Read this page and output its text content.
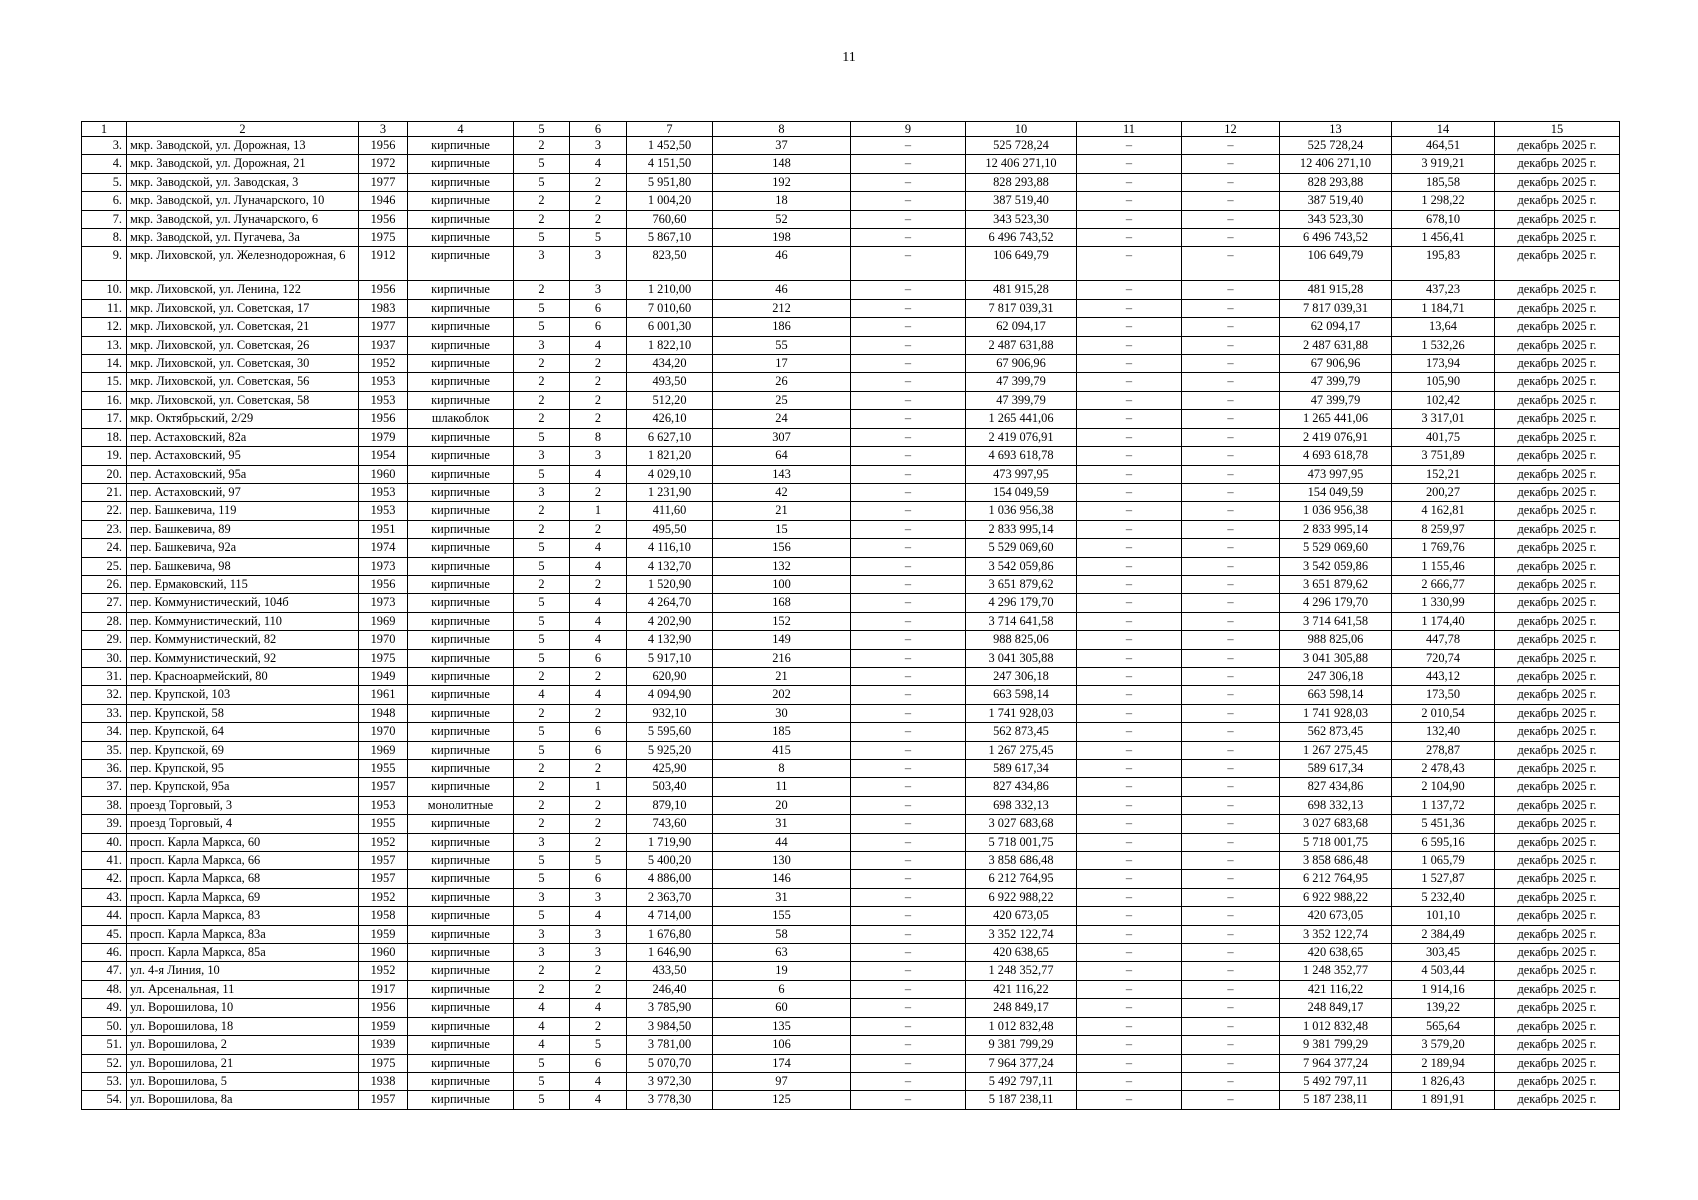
11
1	2	3	4	5	6	7	8	9	10	11	12	13	14	15
3.	мкр. Заводской, ул. Дорожная, 13	1956	кирпичные	2	3	1 452,50	37	–	525 728,24	–	–	525 728,24	464,51	декабрь 2025 г.
4.	мкр. Заводской, ул. Дорожная, 21	1972	кирпичные	5	4	4 151,50	148	–	12 406 271,10	–	–	12 406 271,10	3 919,21	декабрь 2025 г.
5.	мкр. Заводской, ул. Заводская, 3	1977	кирпичные	5	2	5 951,80	192	–	828 293,88	–	–	828 293,88	185,58	декабрь 2025 г.
6.	мкр. Заводской, ул. Луначарского, 10	1946	кирпичные	2	2	1 004,20	18	–	387 519,40	–	–	387 519,40	1 298,22	декабрь 2025 г.
7.	мкр. Заводской, ул. Луначарского, 6	1956	кирпичные	2	2	760,60	52	–	343 523,30	–	–	343 523,30	678,10	декабрь 2025 г.
8.	мкр. Заводской, ул. Пугачева, 3а	1975	кирпичные	5	5	5 867,10	198	–	6 496 743,52	–	–	6 496 743,52	1 456,41	декабрь 2025 г.
9.	мкр. Лиховской, ул. Железнодорожная, 6	1912	кирпичные	3	3	823,50	46	–	106 649,79	–	–	106 649,79	195,83	декабрь 2025 г.
10.	мкр. Лиховской, ул. Ленина, 122	1956	кирпичные	2	3	1 210,00	46	–	481 915,28	–	–	481 915,28	437,23	декабрь 2025 г.
11.	мкр. Лиховской, ул. Советская, 17	1983	кирпичные	5	6	7 010,60	212	–	7 817 039,31	–	–	7 817 039,31	1 184,71	декабрь 2025 г.
12.	мкр. Лиховской, ул. Советская, 21	1977	кирпичные	5	6	6 001,30	186	–	62 094,17	–	–	62 094,17	13,64	декабрь 2025 г.
13.	мкр. Лиховской, ул. Советская, 26	1937	кирпичные	3	4	1 822,10	55	–	2 487 631,88	–	–	2 487 631,88	1 532,26	декабрь 2025 г.
14.	мкр. Лиховской, ул. Советская, 30	1952	кирпичные	2	2	434,20	17	–	67 906,96	–	–	67 906,96	173,94	декабрь 2025 г.
15.	мкр. Лиховской, ул. Советская, 56	1953	кирпичные	2	2	493,50	26	–	47 399,79	–	–	47 399,79	105,90	декабрь 2025 г.
16.	мкр. Лиховской, ул. Советская, 58	1953	кирпичные	2	2	512,20	25	–	47 399,79	–	–	47 399,79	102,42	декабрь 2025 г.
17.	мкр. Октябрьский, 2/29	1956	шлакоблок	2	2	426,10	24	–	1 265 441,06	–	–	1 265 441,06	3 317,01	декабрь 2025 г.
18.	пер. Астаховский, 82а	1979	кирпичные	5	8	6 627,10	307	–	2 419 076,91	–	–	2 419 076,91	401,75	декабрь 2025 г.
19.	пер. Астаховский, 95	1954	кирпичные	3	3	1 821,20	64	–	4 693 618,78	–	–	4 693 618,78	3 751,89	декабрь 2025 г.
20.	пер. Астаховский, 95а	1960	кирпичные	5	4	4 029,10	143	–	473 997,95	–	–	473 997,95	152,21	декабрь 2025 г.
21.	пер. Астаховский, 97	1953	кирпичные	3	2	1 231,90	42	–	154 049,59	–	–	154 049,59	200,27	декабрь 2025 г.
22.	пер. Башкевича, 119	1953	кирпичные	2	1	411,60	21	–	1 036 956,38	–	–	1 036 956,38	4 162,81	декабрь 2025 г.
23.	пер. Башкевича, 89	1951	кирпичные	2	2	495,50	15	–	2 833 995,14	–	–	2 833 995,14	8 259,97	декабрь 2025 г.
24.	пер. Башкевича, 92а	1974	кирпичные	5	4	4 116,10	156	–	5 529 069,60	–	–	5 529 069,60	1 769,76	декабрь 2025 г.
25.	пер. Башкевича, 98	1973	кирпичные	5	4	4 132,70	132	–	3 542 059,86	–	–	3 542 059,86	1 155,46	декабрь 2025 г.
26.	пер. Ермаковский, 115	1956	кирпичные	2	2	1 520,90	100	–	3 651 879,62	–	–	3 651 879,62	2 666,77	декабрь 2025 г.
27.	пер. Коммунистический, 104б	1973	кирпичные	5	4	4 264,70	168	–	4 296 179,70	–	–	4 296 179,70	1 330,99	декабрь 2025 г.
28.	пер. Коммунистический, 110	1969	кирпичные	5	4	4 202,90	152	–	3 714 641,58	–	–	3 714 641,58	1 174,40	декабрь 2025 г.
29.	пер. Коммунистический, 82	1970	кирпичные	5	4	4 132,90	149	–	988 825,06	–	–	988 825,06	447,78	декабрь 2025 г.
30.	пер. Коммунистический, 92	1975	кирпичные	5	6	5 917,10	216	–	3 041 305,88	–	–	3 041 305,88	720,74	декабрь 2025 г.
31.	пер. Красноармейский, 80	1949	кирпичные	2	2	620,90	21	–	247 306,18	–	–	247 306,18	443,12	декабрь 2025 г.
32.	пер. Крупской, 103	1961	кирпичные	4	4	4 094,90	202	–	663 598,14	–	–	663 598,14	173,50	декабрь 2025 г.
33.	пер. Крупской, 58	1948	кирпичные	2	2	932,10	30	–	1 741 928,03	–	–	1 741 928,03	2 010,54	декабрь 2025 г.
34.	пер. Крупской, 64	1970	кирпичные	5	6	5 595,60	185	–	562 873,45	–	–	562 873,45	132,40	декабрь 2025 г.
35.	пер. Крупской, 69	1969	кирпичные	5	6	5 925,20	415	–	1 267 275,45	–	–	1 267 275,45	278,87	декабрь 2025 г.
36.	пер. Крупской, 95	1955	кирпичные	2	2	425,90	8	–	589 617,34	–	–	589 617,34	2 478,43	декабрь 2025 г.
37.	пер. Крупской, 95а	1957	кирпичные	2	1	503,40	11	–	827 434,86	–	–	827 434,86	2 104,90	декабрь 2025 г.
38.	проезд Торговый, 3	1953	монолитные	2	2	879,10	20	–	698 332,13	–	–	698 332,13	1 137,72	декабрь 2025 г.
39.	проезд Торговый, 4	1955	кирпичные	2	2	743,60	31	–	3 027 683,68	–	–	3 027 683,68	5 451,36	декабрь 2025 г.
40.	просп. Карла Маркса, 60	1952	кирпичные	3	2	1 719,90	44	–	5 718 001,75	–	–	5 718 001,75	6 595,16	декабрь 2025 г.
41.	просп. Карла Маркса, 66	1957	кирпичные	5	5	5 400,20	130	–	3 858 686,48	–	–	3 858 686,48	1 065,79	декабрь 2025 г.
42.	просп. Карла Маркса, 68	1957	кирпичные	5	6	4 886,00	146	–	6 212 764,95	–	–	6 212 764,95	1 527,87	декабрь 2025 г.
43.	просп. Карла Маркса, 69	1952	кирпичные	3	3	2 363,70	31	–	6 922 988,22	–	–	6 922 988,22	5 232,40	декабрь 2025 г.
44.	просп. Карла Маркса, 83	1958	кирпичные	5	4	4 714,00	155	–	420 673,05	–	–	420 673,05	101,10	декабрь 2025 г.
45.	просп. Карла Маркса, 83а	1959	кирпичные	3	3	1 676,80	58	–	3 352 122,74	–	–	3 352 122,74	2 384,49	декабрь 2025 г.
46.	просп. Карла Маркса, 85а	1960	кирпичные	3	3	1 646,90	63	–	420 638,65	–	–	420 638,65	303,45	декабрь 2025 г.
47.	ул. 4-я Линия, 10	1952	кирпичные	2	2	433,50	19	–	1 248 352,77	–	–	1 248 352,77	4 503,44	декабрь 2025 г.
48.	ул. Арсенальная, 11	1917	кирпичные	2	2	246,40	6	–	421 116,22	–	–	421 116,22	1 914,16	декабрь 2025 г.
49.	ул. Ворошилова, 10	1956	кирпичные	4	4	3 785,90	60	–	248 849,17	–	–	248 849,17	139,22	декабрь 2025 г.
50.	ул. Ворошилова, 18	1959	кирпичные	4	2	3 984,50	135	–	1 012 832,48	–	–	1 012 832,48	565,64	декабрь 2025 г.
51.	ул. Ворошилова, 2	1939	кирпичные	4	5	3 781,00	106	–	9 381 799,29	–	–	9 381 799,29	3 579,20	декабрь 2025 г.
52.	ул. Ворошилова, 21	1975	кирпичные	5	6	5 070,70	174	–	7 964 377,24	–	–	7 964 377,24	2 189,94	декабрь 2025 г.
53.	ул. Ворошилова, 5	1938	кирпичные	5	4	3 972,30	97	–	5 492 797,11	–	–	5 492 797,11	1 826,43	декабрь 2025 г.
54.	ул. Ворошилова, 8а	1957	кирпичные	5	4	3 778,30	125	–	5 187 238,11	–	–	5 187 238,11	1 891,91	декабрь 2025 г.
